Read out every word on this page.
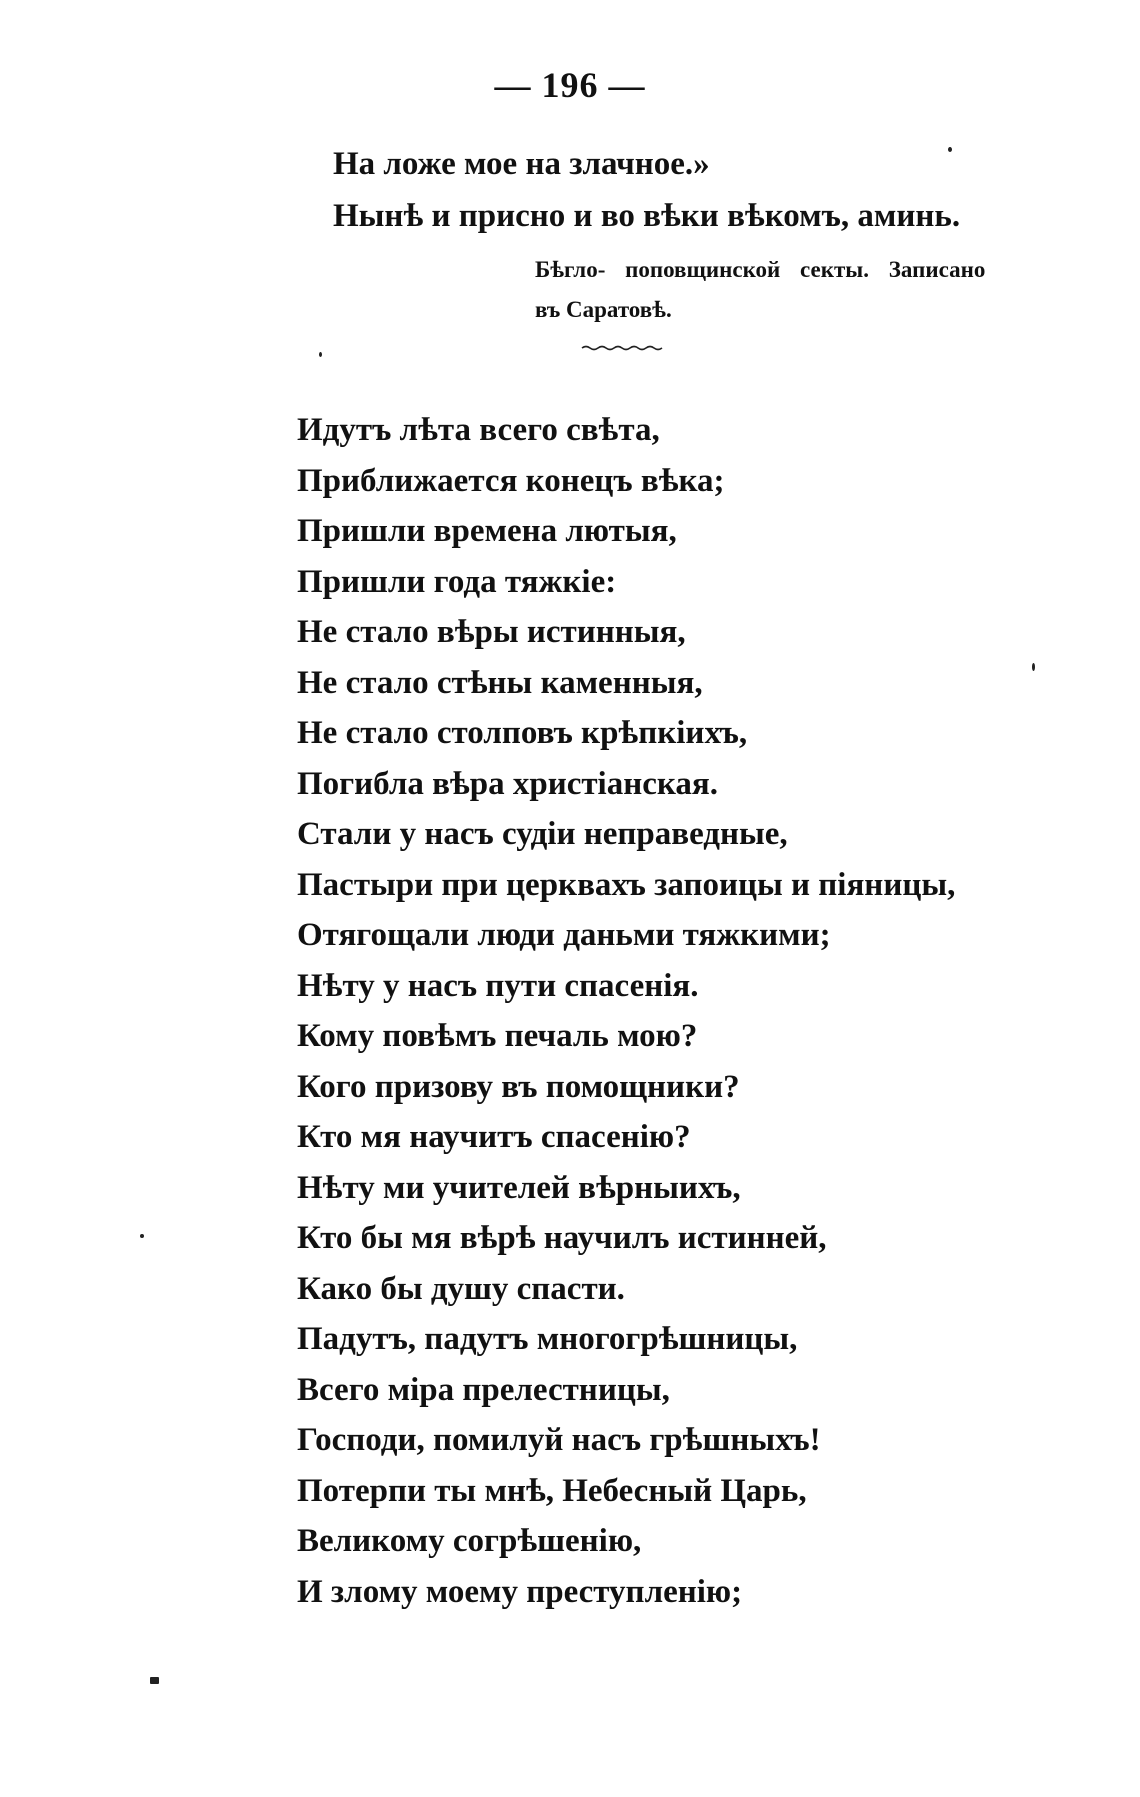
— 196 —
На ложе мое на злачное.»
Нынѣ и присно и во вѣки вѣкомъ, аминь.
Бѣгло- поповщинской секты. Записано
въ Саратовѣ.
Идутъ лѣта всего свѣта,
Приближается конецъ вѣка;
Пришли времена лютыя,
Пришли года тяжкіе:
Не стало вѣры истинныя,
Не стало стѣны каменныя,
Не стало столповъ крѣпкіихъ,
Погибла вѣра христіанская.
Стали у насъ судіи неправедные,
Пастыри при церквахъ запоицы и піяницы,
Отягощали люди даньми тяжкими;
Нѣту у насъ пути спасенія.
Кому повѣмъ печаль мою?
Кого призову въ помощники?
Кто мя научитъ спасенію?
Нѣту ми учителей вѣрныихъ,
Кто бы мя вѣрѣ научилъ истинней,
Како бы душу спасти.
Падутъ, падутъ многогрѣшницы,
Всего міра прелестницы,
Господи, помилуй насъ грѣшныхъ!
Потерпи ты мнѣ, Небесный Царь,
Великому согрѣшенію,
И злому моему преступленію;
